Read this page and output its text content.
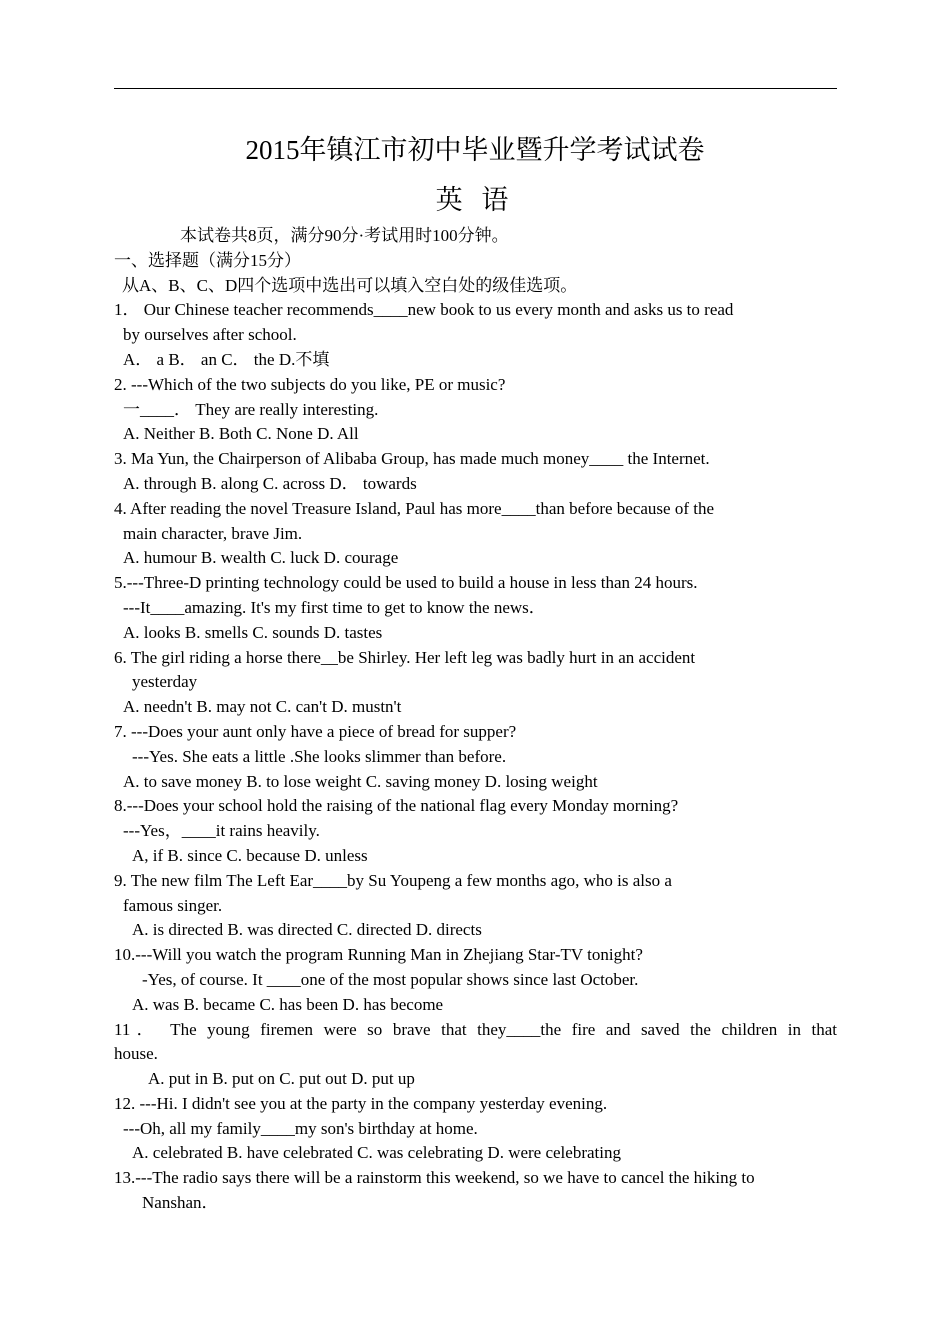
2015年镇江市初中毕业暨升学考试试卷
英 语
本试卷共8页，满分90分·考试用时100分钟。
一、选择题（满分15分）
从A、B、C、D四个选项中选出可以填入空白处的级佳选项。
1． Our Chinese teacher recommends____new book to us every month and asks us to read
by ourselves after school.
A． a B． an C． the D.不填
2. ---Which of the two subjects do you like, PE or music?
一____． They are really interesting.
A. Neither B. Both C. None D. All
3. Ma Yun, the Chairperson of Alibaba Group, has made much money____ the Internet.
A. through B. along C. across D． towards
4. After reading the novel Treasure Island, Paul has more____than before because of the
main character, brave Jim.
A. humour B. wealth C. luck D. courage
5.---Three-D printing technology could be used to build a house in less than 24 hours.
---It____amazing. It's my first time to get to know the news．
A. looks B. smells C. sounds D. tastes
6. The girl riding a horse there__be Shirley. Her left leg was badly hurt in an accident
yesterday
A. needn't B. may not C. can't D. mustn't
7. ---Does your aunt only have a piece of bread for supper?
---Yes. She eats a little .She looks slimmer than before.
A. to save money B. to lose weight C. saving money D. losing weight
8.---Does your school hold the raising of the national flag every Monday morning?
---Yes，____it rains heavily.
A, if B. since C. because D. unless
9. The new film The Left Ear____by Su Youpeng a few months ago, who is also a
famous singer.
A. is directed B. was directed C. directed D. directs
10.---Will you watch the program Running Man in Zhejiang Star-TV tonight?
-Yes, of course. It ____one of the most popular shows since last October.
A. was B. became C. has been D. has become
11． The young firemen were so brave that they____the fire and saved the children in that
house.
A. put in B. put on C. put out D. put up
12. ---Hi. I didn't see you at the party in the company yesterday evening.
---Oh, all my family____my son's birthday at home.
A. celebrated B. have celebrated C. was celebrating D. were celebrating
13.---The radio says there will be a rainstorm this weekend, so we have to cancel the hiking to
Nanshan．
